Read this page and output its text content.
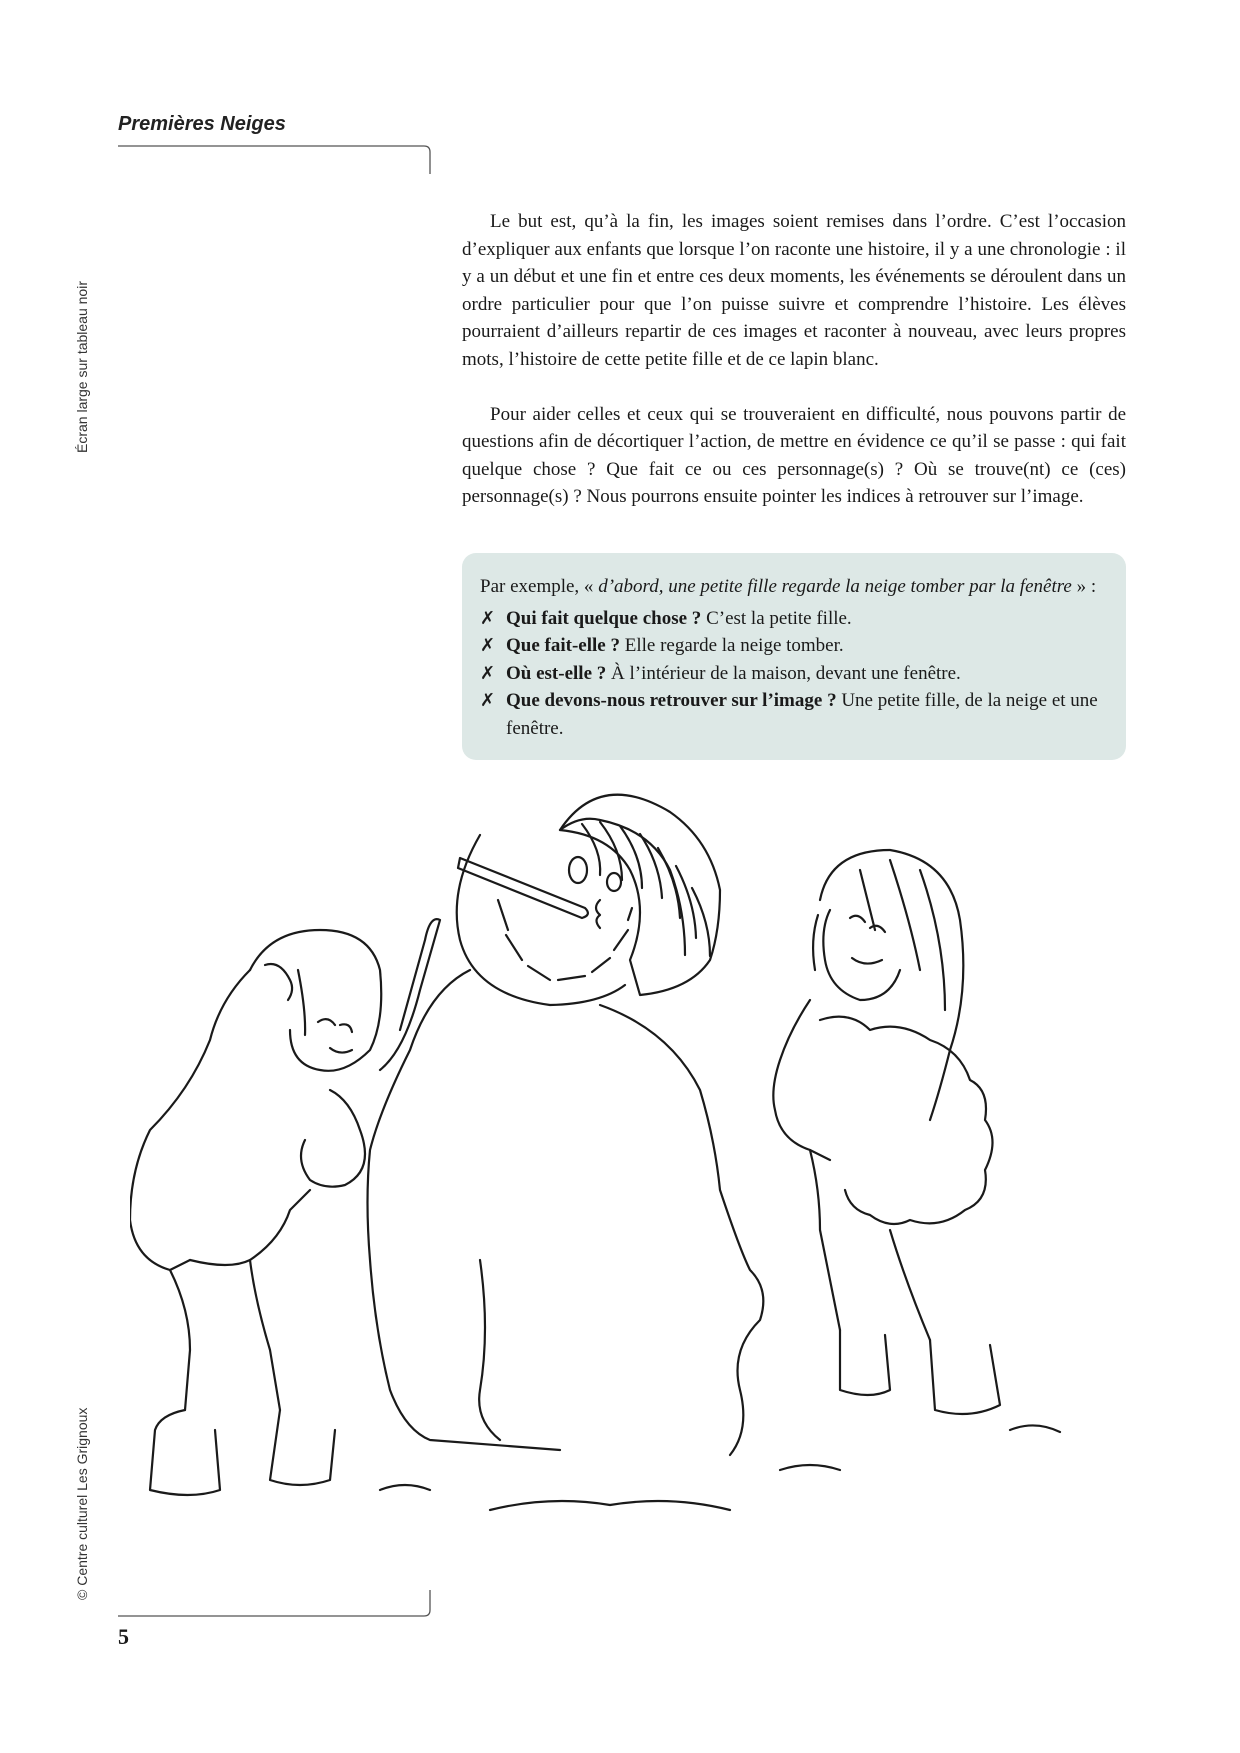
Premières Neiges
Écran large sur tableau noir
© Centre culturel Les Grignoux

Le but est, qu’à la fin, les images soient remises dans l’ordre. C’est l’occasion d’expliquer aux enfants que lorsque l’on raconte une histoire, il y a une chronologie : il y a un début et une fin et entre ces deux moments, les événements se déroulent dans un ordre particulier pour que l’on puisse suivre et comprendre l’histoire. Les élèves pourraient d’ailleurs repartir de ces images et raconter à nouveau, avec leurs propres mots, l’histoire de cette petite fille et de ce lapin blanc.

Pour aider celles et ceux qui se trouveraient en difficulté, nous pouvons partir de questions afin de décortiquer l’action, de mettre en évidence ce qu’il se passe : qui fait quelque chose ? Que fait ce ou ces personnage(s) ? Où se trouve(nt) ce (ces) personnage(s) ? Nous pourrons ensuite pointer les indices à retrouver sur l’image.

Par exemple, « d’abord, une petite fille regarde la neige tomber par la fenêtre » :

✗ Qui fait quelque chose ? C’est la petite fille.
✗ Que fait-elle ? Elle regarde la neige tomber.
✗ Où est-elle ? À l’intérieur de la maison, devant une fenêtre.
✗ Que devons-nous retrouver sur l’image ? Une petite fille, de la neige et une fenêtre.
5
